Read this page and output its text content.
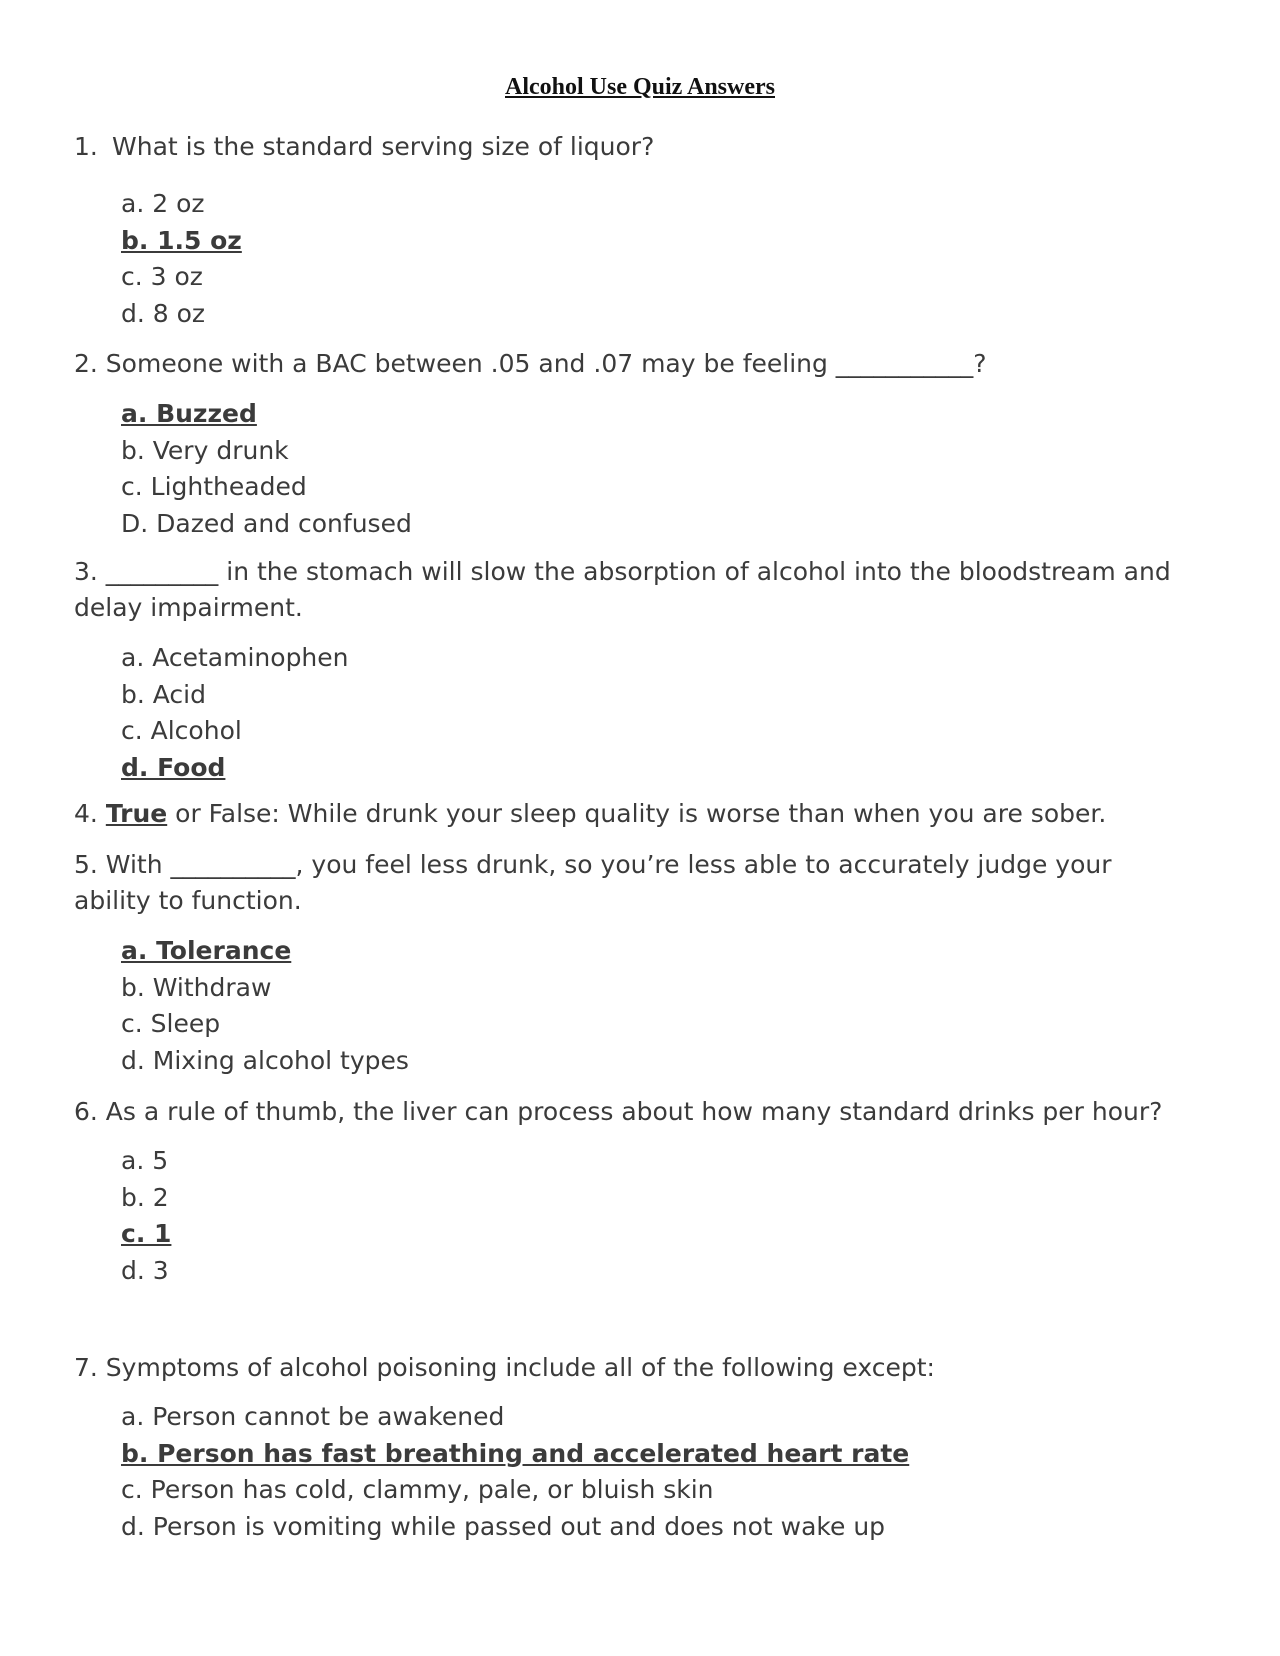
Alcohol Use Quiz Answers
1. What is the standard serving size of liquor?
a. 2 oz
b. 1.5 oz
c. 3 oz
d. 8 oz
2. Someone with a BAC between .05 and .07 may be feeling ___________?
a. Buzzed
b. Very drunk
c. Lightheaded
D. Dazed and confused
3. _________ in the stomach will slow the absorption of alcohol into the bloodstream and delay impairment.
a. Acetaminophen
b. Acid
c. Alcohol
d. Food
4. True or False: While drunk your sleep quality is worse than when you are sober.
5. With __________, you feel less drunk, so you’re less able to accurately judge your ability to function.
a. Tolerance
b. Withdraw
c. Sleep
d. Mixing alcohol types
6. As a rule of thumb, the liver can process about how many standard drinks per hour?
a. 5
b. 2
c. 1
d. 3
7. Symptoms of alcohol poisoning include all of the following except:
a. Person cannot be awakened
b. Person has fast breathing and accelerated heart rate
c. Person has cold, clammy, pale, or bluish skin
d. Person is vomiting while passed out and does not wake up
